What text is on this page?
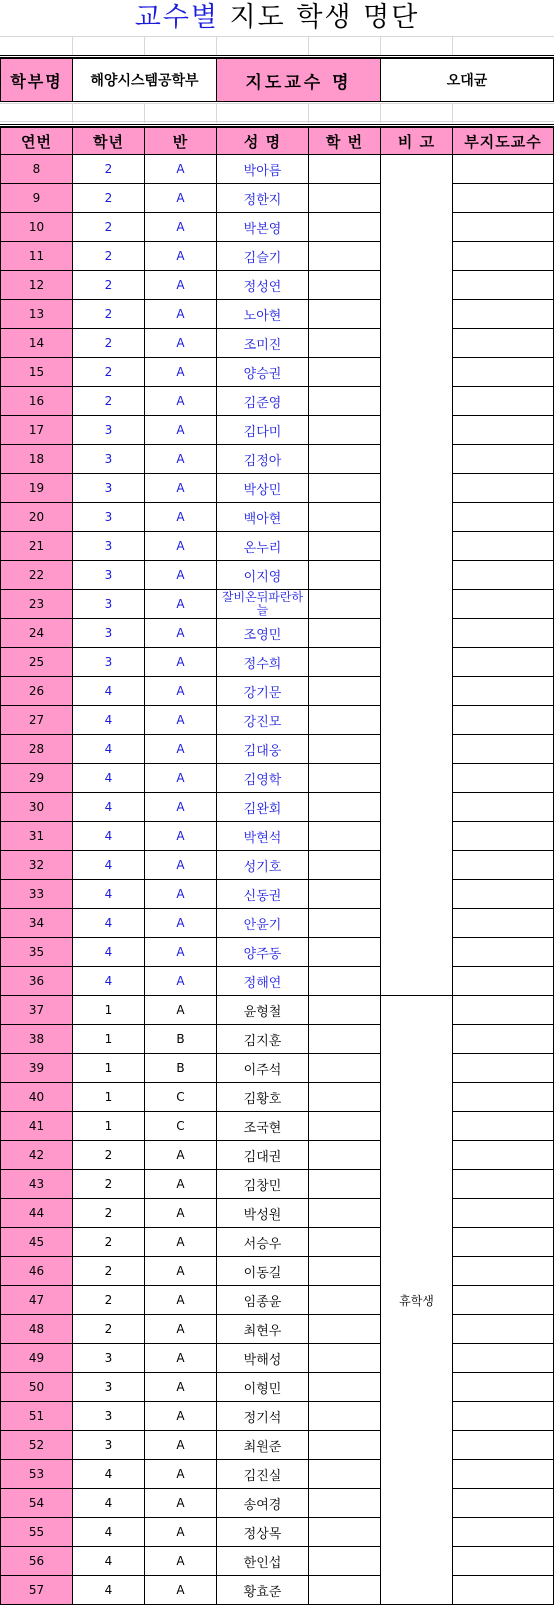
교수별 지도 학생 명단
학부명	해양시스템공학부	지도교수 명	오대균
연번	학년	반	성 명	학 번	비 고	부지도교수
8	2	A	박아름			
9	2	A	정한지			
10	2	A	박본영			
11	2	A	김슬기			
12	2	A	정성연			
13	2	A	노아현			
14	2	A	조미진			
15	2	A	양승권			
16	2	A	김준영			
17	3	A	김다미			
18	3	A	김정아			
19	3	A	박상민			
20	3	A	백아현			
21	3	A	온누리			
22	3	A	이지영			
23	3	A	잘비온뒤파란하늘			
24	3	A	조영민			
25	3	A	정수희			
26	4	A	강기문			
27	4	A	강진모			
28	4	A	김대웅			
29	4	A	김영학			
30	4	A	김완회			
31	4	A	박현석			
32	4	A	성기호			
33	4	A	신동권			
34	4	A	안윤기			
35	4	A	양주동			
36	4	A	정해연			
37	1	A	윤형철		휴학생	
38	1	B	김지훈			
39	1	B	이주석			
40	1	C	김황호			
41	1	C	조국현			
42	2	A	김대권			
43	2	A	김창민			
44	2	A	박성원			
45	2	A	서승우			
46	2	A	이동길			
47	2	A	임종윤			
48	2	A	최현우			
49	3	A	박해성			
50	3	A	이형민			
51	3	A	정기석			
52	3	A	최원준			
53	4	A	김진실			
54	4	A	송여경			
55	4	A	정상목			
56	4	A	한인섭			
57	4	A	황효준			
